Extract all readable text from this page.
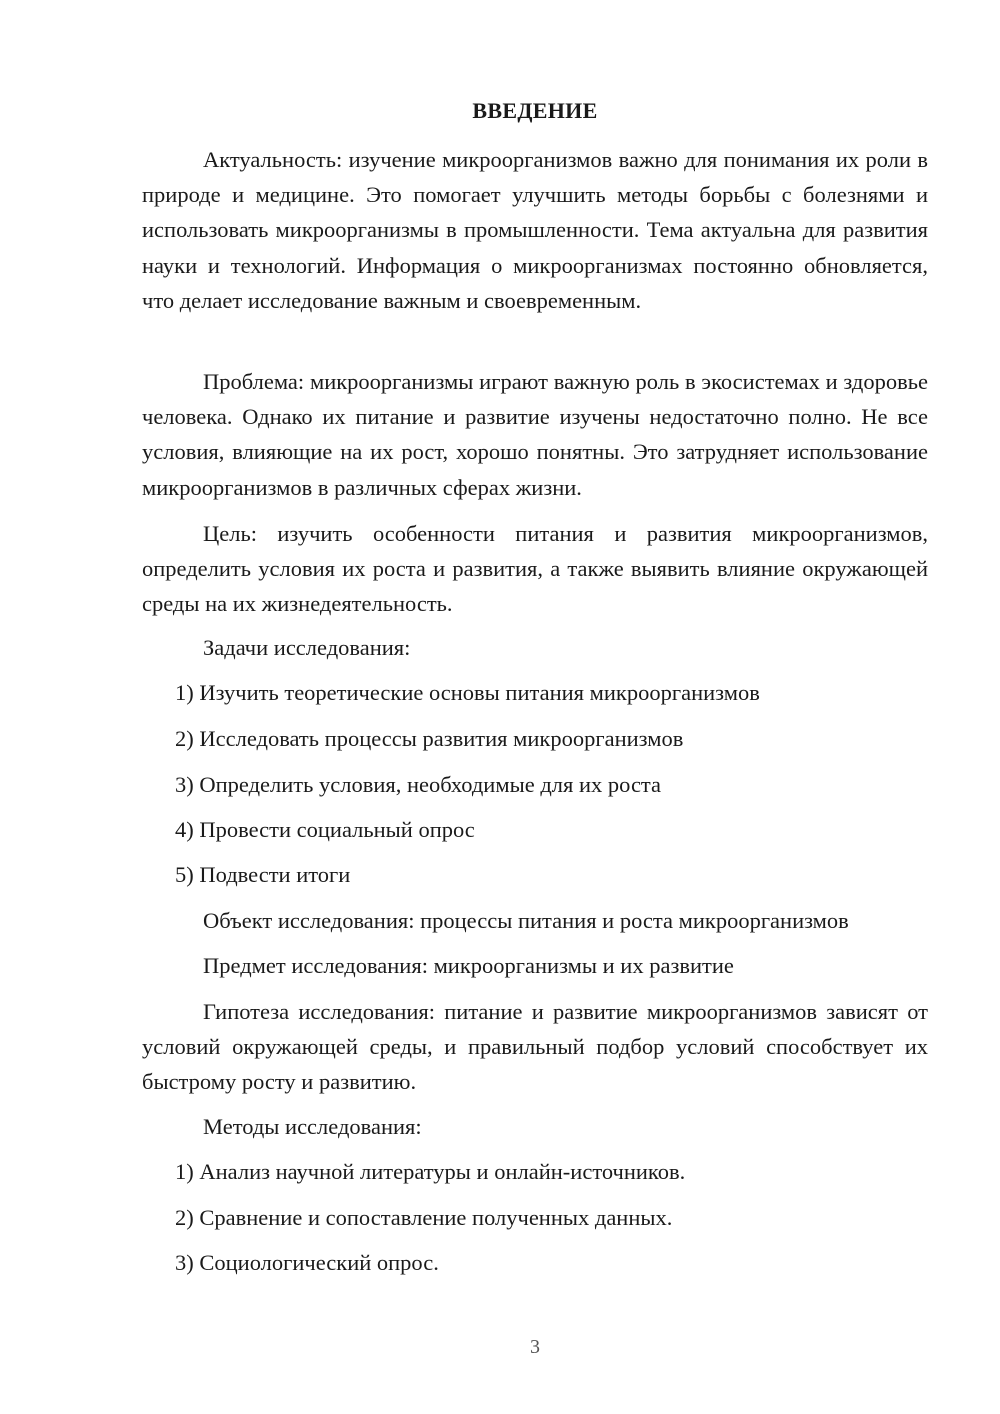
ВВЕДЕНИЕ

Актуальность: изучение микроорганизмов важно для понимания их роли в природе и медицине. Это помогает улучшить методы борьбы с болезнями и использовать микроорганизмы в промышленности. Тема актуальна для развития науки и технологий. Информация о микроорганизмах постоянно обновляется, что делает исследование важным и своевременным.

Проблема: микроорганизмы играют важную роль в экосистемах и здоровье человека. Однако их питание и развитие изучены недостаточно полно. Не все условия, влияющие на их рост, хорошо понятны. Это затрудняет использование микроорганизмов в различных сферах жизни.

Цель: изучить особенности питания и развития микроорганизмов, определить условия их роста и развития, а также выявить влияние окружающей среды на их жизнедеятельность.

Задачи исследования:

1) Изучить теоретические основы питания микроорганизмов

2) Исследовать процессы развития микроорганизмов

3) Определить условия, необходимые для их роста

4) Провести социальный опрос

5) Подвести итоги

Объект исследования: процессы питания и роста микроорганизмов

Предмет исследования: микроорганизмы и их развитие

Гипотеза исследования: питание и развитие микроорганизмов зависят от условий окружающей среды, и правильный подбор условий способствует их быстрому росту и развитию.

Методы исследования:

1) Анализ научной литературы и онлайн-источников.

2) Сравнение и сопоставление полученных данных.

3) Социологический опрос.

3
